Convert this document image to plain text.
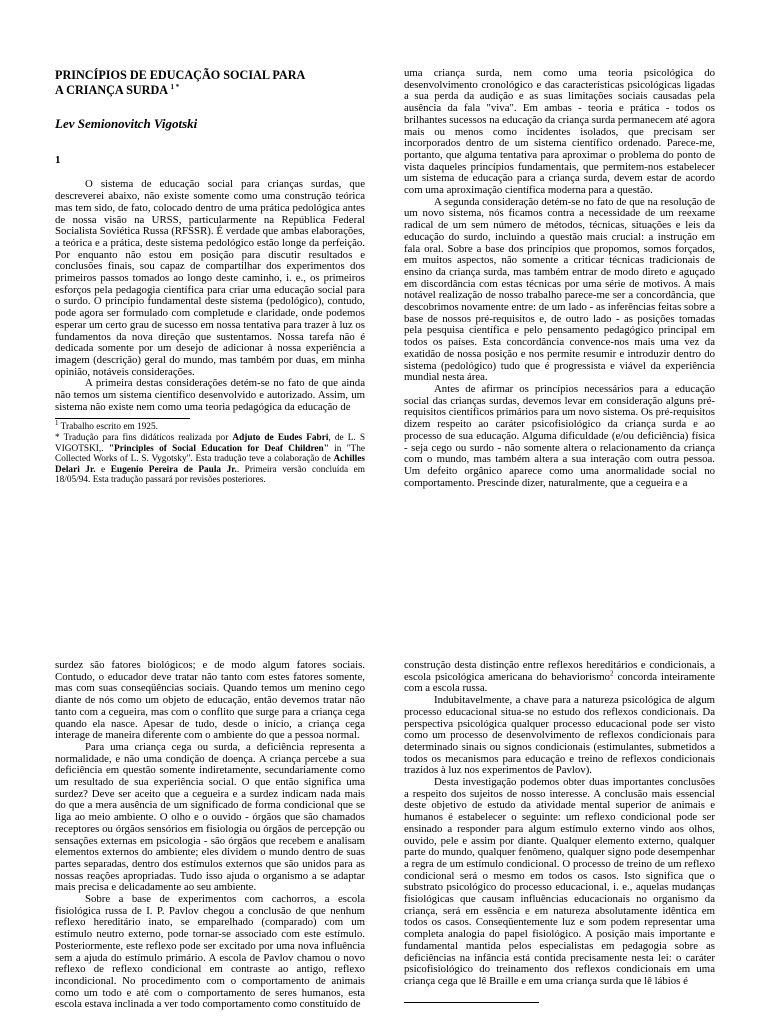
PRINCÍPIOS DE EDUCAÇÃO SOCIAL PARA

A CRIANÇA SURDA $^{1 *}$

Lev Semionovitch Vigotski

1

O sistema de educação social para crianças surdas, que descreverei abaixo, não existe somente como uma construção teórica mas tem sido, de fato, colocado dentro de uma prática pedológica antes de nossa visão na URSS, particularmente na República Federal Socialista Soviética Russa (RFSSR). É verdade que ambas elaborações, a teórica e a prática, deste sistema pedológico estão longe da perfeição. Por enquanto não estou em posição para discutir resultados e conclusões finais, sou capaz de compartilhar dos experimentos dos primeiros passos tomados ao longo deste caminho, i. e., os primeiros esforços pela pedagogia científica para criar uma educação social para o surdo. O princípio fundamental deste sistema (pedológico), contudo, pode agora ser formulado com completude e claridade, onde podemos esperar um certo grau de sucesso em nossa tentativa para trazer à luz os fundamentos da nova direção que sustentamos. Nossa tarefa não é dedicada somente por um desejo de adicionar à nossa experiência a imagem (descrição) geral do mundo, mas também por duas, em minha opinião, notáveis considerações.

A primeira destas considerações detém-se no fato de que ainda não temos um sistema científico desenvolvido e autorizado. Assim, um sistema não existe nem como uma teoria pedagógica da educação de

$^1$ Trabalho escrito em 1925.

* Tradução para fins didáticos realizada por Adjuto de Eudes Fabri, de L. S VIGOTSKI,. "Principles of Social Education for Deaf Children" in "The Collected Works of L. S. Vygotsky". Esta tradução teve a colaboração de Achilles Delari Jr. e Eugenio Pereira de Paula Jr.. Primeira versão concluída em 18/05/94. Esta tradução passará por revisões posteriores.

uma criança surda, nem como uma teoria psicológica do desenvolvimento cronológico e das características psicológicas ligadas a sua perda da audição e as suas limitações sociais causadas pela ausência da fala "viva". Em ambas - teoria e prática - todos os brilhantes sucessos na educação da criança surda permanecem até agora mais ou menos como incidentes isolados, que precisam ser incorporados dentro de um sistema científico ordenado. Parece-me, portanto, que alguma tentativa para aproximar o problema do ponto de vista daqueles princípios fundamentais, que permitem-nos estabelecer um sistema de educação para a criança surda, devem estar de acordo com uma aproximação científica moderna para a questão.

A segunda consideração detém-se no fato de que na resolução de um novo sistema, nós ficamos contra a necessidade de um reexame radical de um sem número de métodos, técnicas, situações e leis da educação do surdo, incluindo a questão mais crucial: a instrução em fala oral. Sobre a base dos princípios que propomos, somos forçados, em muitos aspectos, não somente a criticar técnicas tradicionais de ensino da criança surda, mas também entrar de modo direto e aguçado em discordância com estas técnicas por uma série de motivos. A mais notável realização de nosso trabalho parece-me ser a concordância, que descobrimos novamente entre: de um lado - as inferências feitas sobre a base de nossos pré-requisitos e, de outro lado - as posições tomadas pela pesquisa científica e pelo pensamento pedagógico principal em todos os países. Esta concordância convence-nos mais uma vez da exatidão de nossa posição e nos permite resumir e introduzir dentro do sistema (pedológico) tudo que é progressista e viável da experiência mundial nesta área.

Antes de afirmar os princípios necessários para a educação social das crianças surdas, devemos levar em consideração alguns pré-requisitos científicos primários para um novo sistema. Os pré-requisitos dizem respeito ao caráter psicofisiológico da criança surda e ao processo de sua educação. Alguma dificuldade (e/ou deficiência) física - seja cego ou surdo - não somente altera o relacionamento da criança com o mundo, mas também altera a sua interação com outra pessoa. Um defeito orgânico aparece como uma anormalidade social no comportamento. Prescinde dizer, naturalmente, que a cegueira e a

surdez são fatores biológicos; e de modo algum fatores sociais. Contudo, o educador deve tratar não tanto com estes fatores somente, mas com suas conseqüências sociais. Quando temos um menino cego diante de nós como um objeto de educação, então devemos tratar não tanto com a cegueira, mas com o conflito que surge para a criança cega quando ela nasce. Apesar de tudo, desde o início, a criança cega interage de maneira diferente com o ambiente do que a pessoa normal.

Para uma criança cega ou surda, a deficiência representa a normalidade, e não uma condição de doença. A criança percebe a sua deficiência em questão somente indiretamente, secundariamente como um resultado de sua experiência social. O que então significa uma surdez? Deve ser aceito que a cegueira e a surdez indicam nada mais do que a mera ausência de um significado de forma condicional que se liga ao meio ambiente. O olho e o ouvido - órgãos que são chamados receptores ou órgãos sensórios em fisiologia ou órgãos de percepção ou sensações externas em psicologia - são órgãos que recebem e analisam elementos externos do ambiente; eles dividem o mundo dentro de suas partes separadas, dentro dos estímulos externos que são unidos para as nossas reações apropriadas. Tudo isso ajuda o organismo a se adaptar mais precisa e delicadamente ao seu ambiente.

Sobre a base de experimentos com cachorros, a escola fisiológica russa de I. P. Pavlov chegou a conclusão de que nenhum reflexo hereditário inato, se emparelhado (comparado) com um estímulo neutro externo, pode tornar-se associado com este estímulo. Posteriormente, este reflexo pode ser excitado por uma nova influência sem a ajuda do estímulo primário. A escola de Pavlov chamou o novo reflexo de reflexo condicional em contraste ao antigo, reflexo incondicional. No procedimento com o comportamento de animais como um todo e até com o comportamento de seres humanos, esta escola estava inclinada a ver todo comportamento como constituído de

construção desta distinção entre reflexos hereditários e condicionais, a escola psicológica americana do behaviorismo$^2$ concorda inteiramente com a escola russa.

Indubitavelmente, a chave para a natureza psicológica de algum processo educacional situa-se no estudo dos reflexos condicionais. Da perspectiva psicológica qualquer processo educacional pode ser visto como um processo de desenvolvimento de reflexos condicionais para determinado sinais ou signos condicionais (estimulantes, submetidos a todos os mecanismos para educação e treino de reflexos condicionais trazidos à luz nos experimentos de Pavlov).

Desta investigação podemos obter duas importantes conclusões a respeito dos sujeitos de nosso interesse. A conclusão mais essencial deste objetivo de estudo da atividade mental superior de animais e humanos é estabelecer o seguinte: um reflexo condicional pode ser ensinado a responder para algum estímulo externo vindo aos olhos, ouvido, pele e assim por diante. Qualquer elemento externo, qualquer parte do mundo, qualquer fenômeno, qualquer signo pode desempenhar a regra de um estímulo condicional. O processo de treino de um reflexo condicional será o mesmo em todos os casos. Isto significa que o substrato psicológico do processo educacional, i. e., aquelas mudanças fisiológicas que causam influências educacionais no organismo da criança, será em essência e em natureza absolutamente idêntica em todos os casos. Conseqüentemente luz e som podem representar uma completa analogia do papel fisiológico. A posição mais importante e fundamental mantida pelos especialistas em pedagogia sobre as deficiências na infância está contida precisamente nesta lei: o caráter psicofisiológico do treinamento dos reflexos condicionais em uma criança cega que lê Braille e em uma criança surda que lê lábios é
